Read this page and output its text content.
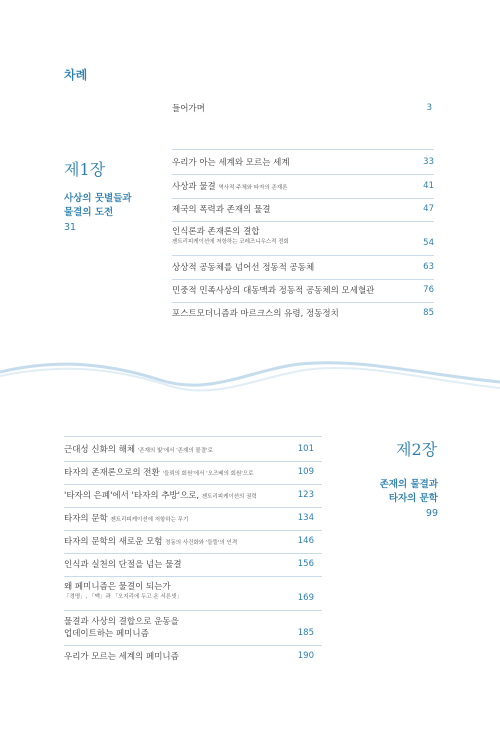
차례
들어가며	3
제1장
사상의 뭇별들과
물결의 도전
31
우리가 아는 세계와 모르는 세계	33
사상과 물결 역사적 주체와 타자의 존재론	41
제국의 폭력과 존재의 물결	47
인식론과 존재론의 결합
젠트리피케이션에 저항하는 코레즈니우스적 전회	54
상상적 공동체를 넘어선 정동적 공동체	63
민중적 민족사상의 대동맥과 정동적 공동체의 모세혈관	76
포스트모더니즘과 마르크스의 유령, 정동정치	85
제2장
존재의 물결과
타자의 문학
99
근대성 신화의 해체 '존재의 빛'에서 '존재의 물결'로	101
타자의 존재론으로의 전환 '들뢰의 회원'에서 '오즈베의 회원'으로	109
'타자의 은폐'에서 '타자의 추방'으로, 젠트리피케이션의 권력	123
타자의 문학 젠트리피케이션에 저항하는 무기	134
타자의 문학의 새로운 모험 정동의 사건화와 '들뜰'의 인격	146
인식과 실천의 단절을 넘는 물결	156
왜 페미니즘은 물결이 되는가
「경명」, 「맥」과 「오지리에 두고 온 서른셋」	169
물결과 사상의 결합으로 운동을
업데이트하는 페미니즘	185
우리가 모르는 세계의 페미니즘	190
